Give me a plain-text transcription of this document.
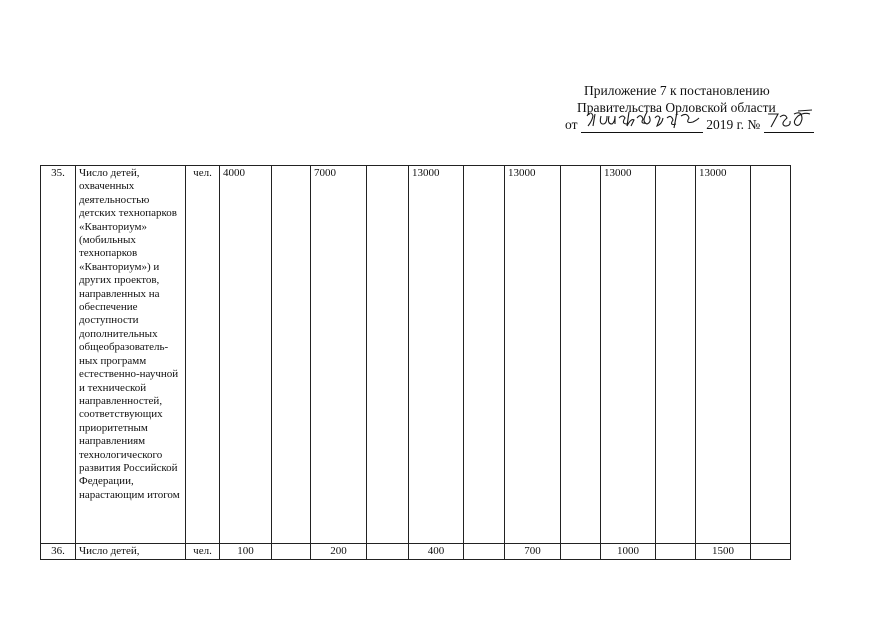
Приложение 7 к постановлению
Правительства Орловской области
от	2019 г. №
35.	Число детей, охваченных деятельностью детских технопарков «Кванториум» (мобильных технопарков «Кванториум») и других проектов, направленных на обеспечение доступности дополнительных общеобразователь-ных программ естественно-научной и технической направленностей, соответствующих приоритетным направлениям технологического развития Российской Федерации, нарастающим итогом	чел.	4000		7000		13000		13000		13000		13000	
36.	Число детей,	чел.	100		200		400		700		1000		1500	
